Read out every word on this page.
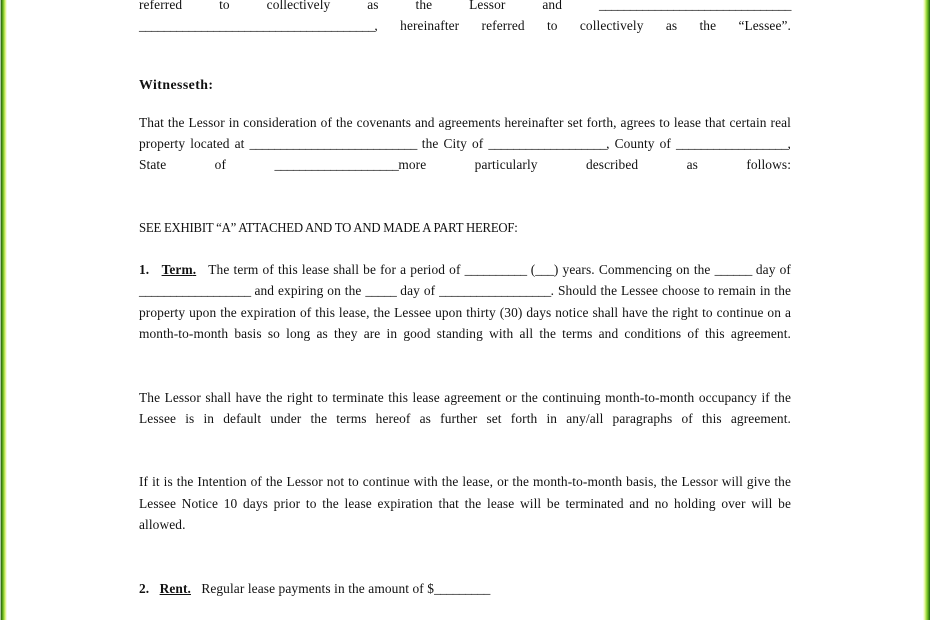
referred to collectively as the Lessor and	_______________________________ ______________________________________, hereinafter referred to collectively as the “Lessee”.

Witnesseth:

That the Lessor in consideration of the covenants and agreements hereinafter set forth, agrees to lease that certain real property located at ___________________________ the City of ___________________, County of __________________, State of	____________________more particularly described as follows:

SEE EXHIBIT “A” ATTACHED AND TO AND MADE A PART HEREOF:

1. Term. The term of this lease shall be for a period of __________ (___) years. Commencing on the ______ day of __________________ and expiring on the _____ day of __________________. Should the Lessee choose to remain in the property upon the expiration of this lease, the Lessee upon thirty (30) days notice shall have the right to continue on a month-to-month basis so long as they are in good standing with all the terms and conditions of this agreement.

The Lessor shall have the right to terminate this lease agreement or the continuing month-to-month occupancy if the Lessee is in default under the terms hereof as further set forth in any/all paragraphs of this agreement.

If it is the Intention of the Lessor not to continue with the lease, or the month-to-month basis, the Lessor will give the Lessee Notice 10 days prior to the lease expiration that the lease will be terminated and no holding over will be allowed.

2. Rent. Regular lease payments in the amount of $_________
